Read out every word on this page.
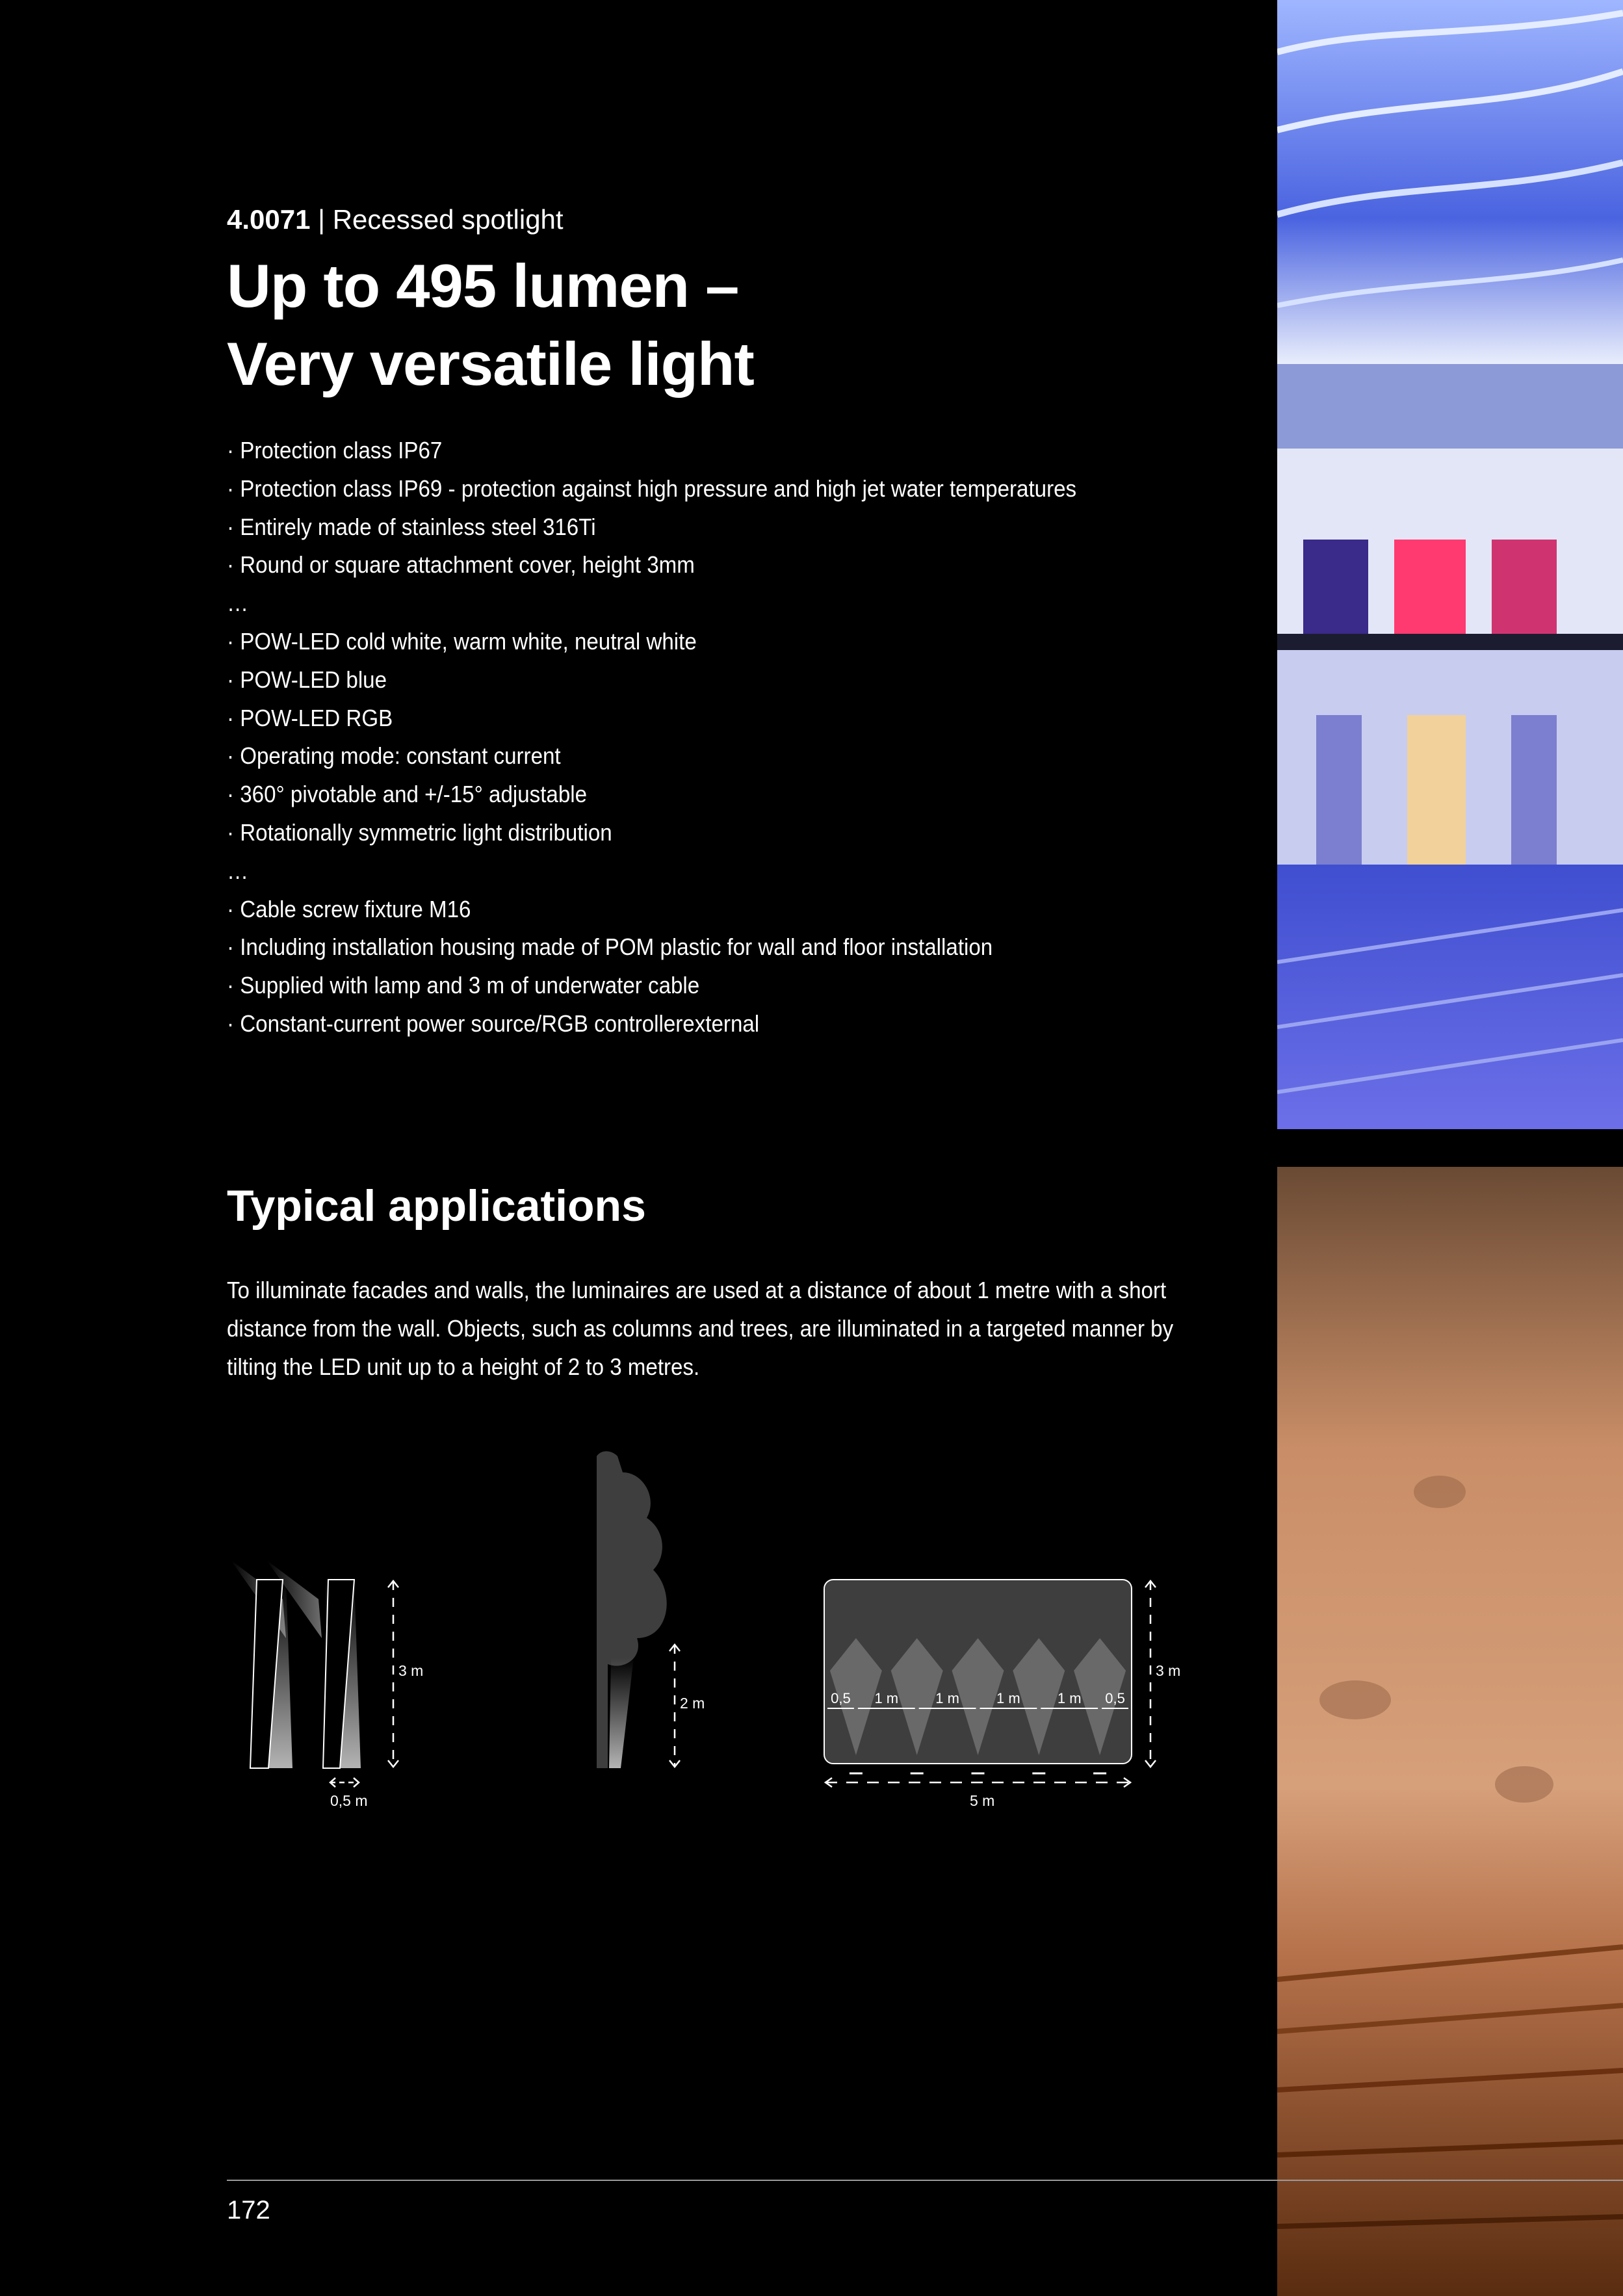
4.0071 | Recessed spotlight
Up to 495 lumen –
Very versatile light
· Protection class IP67
· Protection class IP69 - protection against high pressure and high jet water temperatures
· Entirely made of stainless steel 316Ti
· Round or square attachment cover, height 3mm
…
· POW-LED cold white, warm white, neutral white
· POW-LED blue
· POW-LED RGB
· Operating mode: constant current
· 360° pivotable and +/-15° adjustable
· Rotationally symmetric light distribution
…
· Cable screw fixture M16
· Including installation housing made of POM plastic for wall and floor installation
· Supplied with lamp and 3 m of underwater cable
· Constant-current power source/RGB controllerexternal
Typical applications

To illuminate facades and walls, the luminaires are used at a distance of about 1 metre with a short distance from the wall. Objects, such as columns and trees, are illuminated in a targeted manner by tilting the LED unit up to a height of 2 to 3 metres.

3 m
0,5 m
2 m	0,5 1 m	1 m	1 m	1 m 0,5
3 m
5 m
172
